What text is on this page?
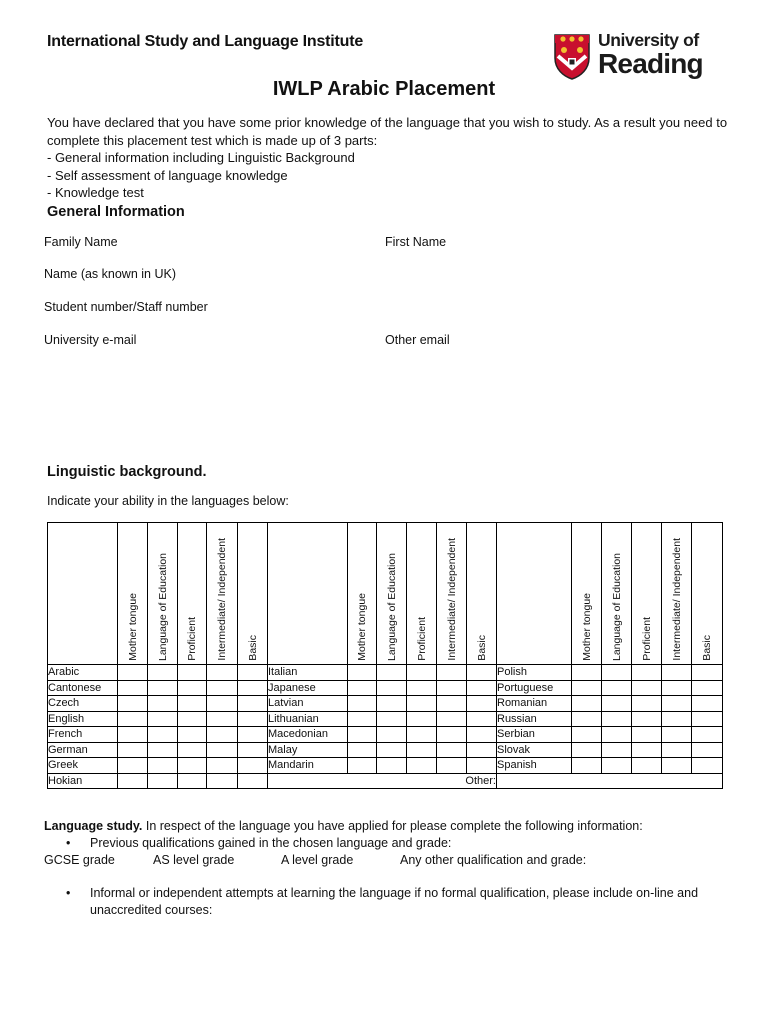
International Study and Language Institute	University of
Reading
IWLP Arabic Placement

You have declared that you have some prior knowledge of the language that you wish to study. As a result you need to complete this placement test which is made up of 3 parts:

- General information including Linguistic Background

- Self assessment of language knowledge

- Knowledge test

General Information
Family Name	First Name
Name (as known in UK)
Student number/Staff number
University e-mail	Other email
Linguistic background.
Indicate your ability in the languages below:

	Mother tongue	Language of Education	Proficient	Intermediate/ Independent	Basic		Mother tongue	Language of Education	Proficient	Intermediate/ Independent	Basic		Mother tongue	Language of Education	Proficient	Intermediate/ Independent	Basic

Arabic						Italian						Polish					
Cantonese						Japanese						Portuguese					
Czech						Latvian						Romanian					
English						Lithuanian						Russian					
French						Macedonian						Serbian					
German						Malay						Slovak					
Greek						Mandarin						Spanish					
Hokian						Other:											
Language study. In respect of the language you have applied for please complete the following information:
• Previous qualifications gained in the chosen language and grade:
GCSE grade	AS level grade	A level grade	Any other qualification and grade:
• Informal or independent attempts at learning the language if no formal qualification, please include on-line and unaccredited courses:
